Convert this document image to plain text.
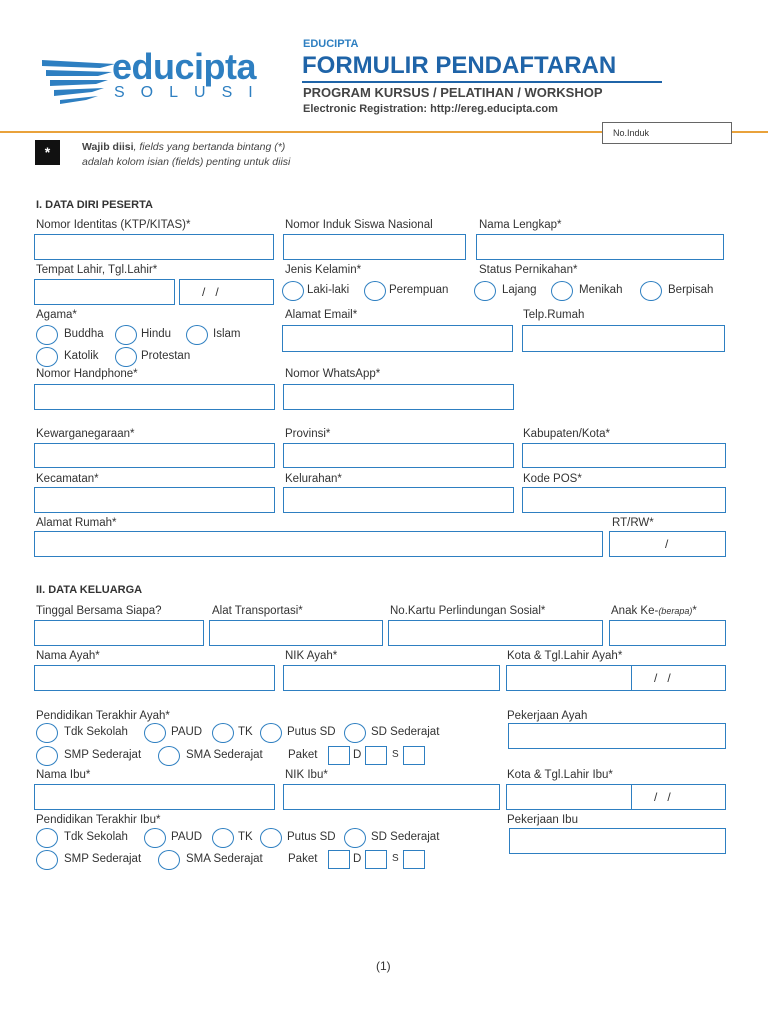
educipta
SOLUSI
EDUCIPTA
FORMULIR PENDAFTARAN
PROGRAM KURSUS / PELATIHAN / WORKSHOP
Electronic Registration: http://ereg.educipta.com
No.Induk
*	Wajib diisi, fields yang bertanda bintang (*)
adalah kolom isian (fields) penting untuk diisi
I. DATA DIRI PESERTA
Nomor Identitas (KTP/KITAS)*	Nomor Induk Siswa Nasional	Nama Lengkap*
Tempat Lahir, Tgl.Lahir*	Jenis Kelamin*	Status Pernikahan*
/   /	Laki-laki	Perempuan	Lajang	Menikah	Berpisah
Agama*	Alamat Email*	Telp.Rumah
Buddha	Hindu	Islam
Katolik	Protestan
Nomor Handphone*	Nomor WhatsApp*
Kewarganegaraan*	Provinsi*	Kabupaten/Kota*
Kecamatan*	Kelurahan*	Kode POS*
Alamat Rumah*	RT/RW*
/
II. DATA KELUARGA
Tinggal Bersama Siapa?	Alat Transportasi*	No.Kartu Perlindungan Sosial*	Anak Ke-(berapa)*
Nama Ayah*	NIK Ayah*	Kota & Tgl.Lahir Ayah*
/   /
Pendidikan Terakhir Ayah*	Pekerjaan Ayah
Tdk Sekolah	PAUD	TK	Putus SD	SD Sederajat
SMP Sederajat	SMA Sederajat Paket	D	S
Nama Ibu*	NIK Ibu*	Kota & Tgl.Lahir Ibu*
/   /
Pendidikan Terakhir Ibu*	Pekerjaan Ibu
Tdk Sekolah	PAUD	TK	Putus SD	SD Sederajat
SMP Sederajat	SMA Sederajat Paket	D	S
(1)
